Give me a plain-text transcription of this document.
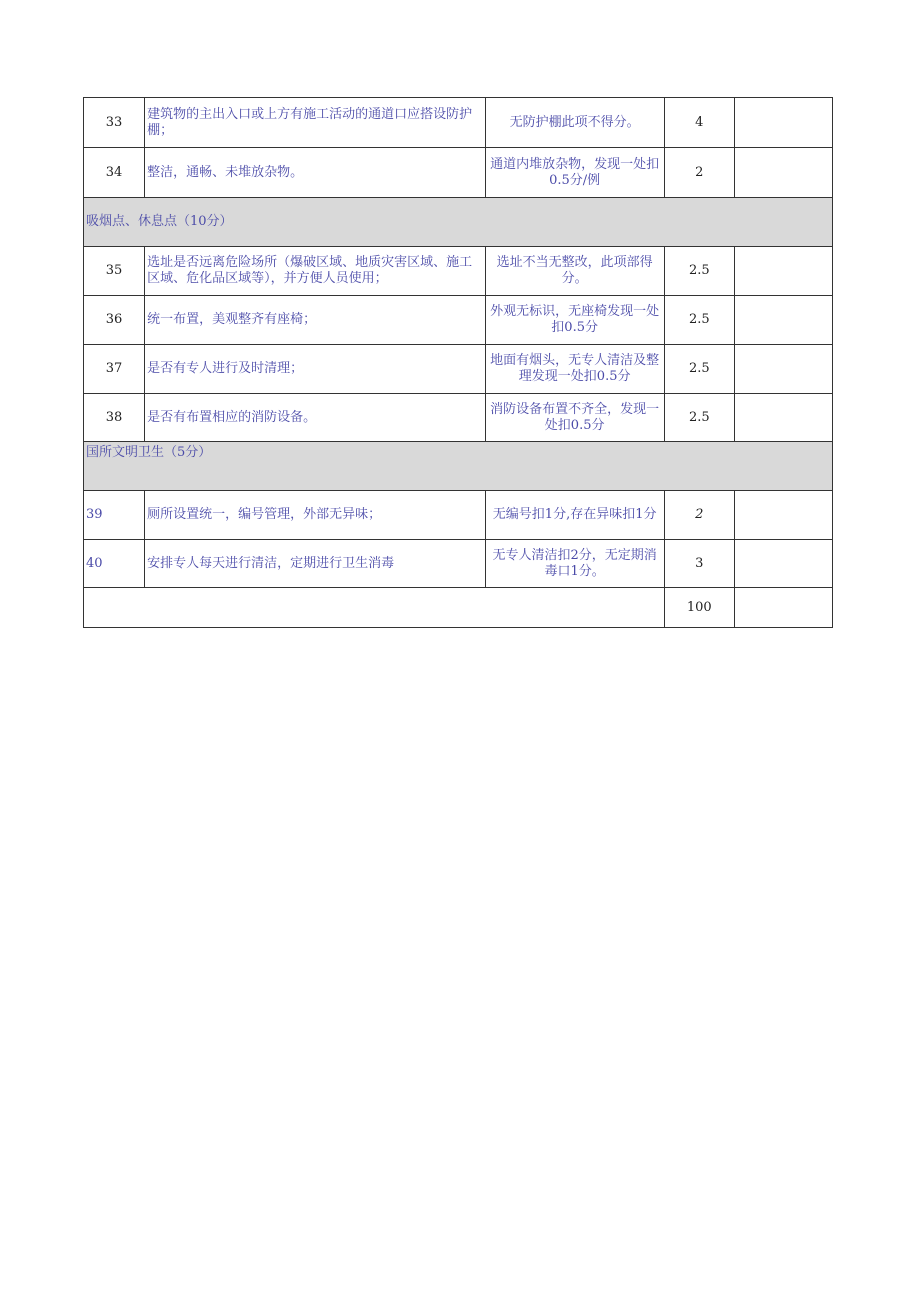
33	建筑物的主出入口或上方有施工活动的通道口应搭设防护棚；	无防护棚此项不得分。	4	
34	整洁，通畅、未堆放杂物。	通道内堆放杂物，发现一处扣0.5分/例	2	
吸烟点、休息点（10分）				
35	选址是否远离危险场所（爆破区域、地质灾害区域、施工区域、危化品区域等），并方便人员使用；	选址不当无整改，此项部得分。	2.5	
36	统一布置，美观整齐有座椅；	外观无标识，无座椅发现一处扣0.5分	2.5	
37	是否有专人进行及时清理；	地面有烟头，无专人清洁及整理发现一处扣0.5分	2.5	
38	是否有布置相应的消防设备。	消防设备布置不齐全，发现一处扣0.5分	2.5	
国所文明卫生（5分）				
39	厕所设置统一，编号管理，外部无异味；	无编号扣1分,存在异味扣1分	2	
40	安排专人每天进行清洁，定期进行卫生消毒	无专人清洁扣2分，无定期消毒口1分。	3	
			100	
